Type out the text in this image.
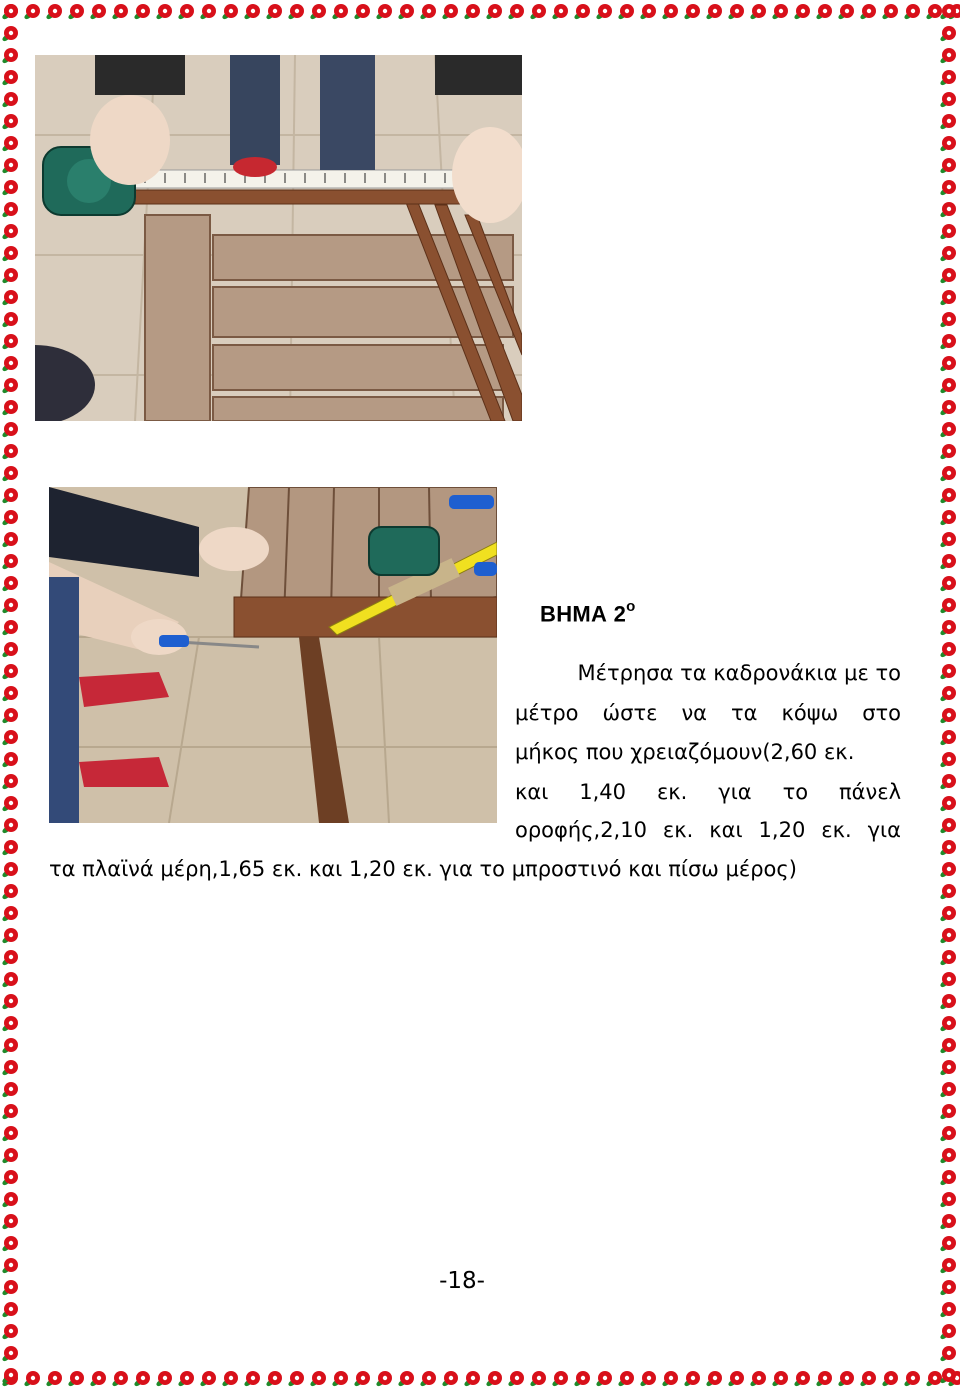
ΒΗΜΑ $2^o$
Μέτρησα τα καδρονάκια με το
μέτρο ώστε να τα κόψω στο
μήκος που χρειαζόμουν(2,60 εκ.
και 1,40 εκ. για το πάνελ
οροφής,2,10 εκ. και 1,20 εκ. για
τα πλαϊνά μέρη,1,65 εκ. και 1,20 εκ. για το μπροστινό και πίσω μέρος)
-18-
